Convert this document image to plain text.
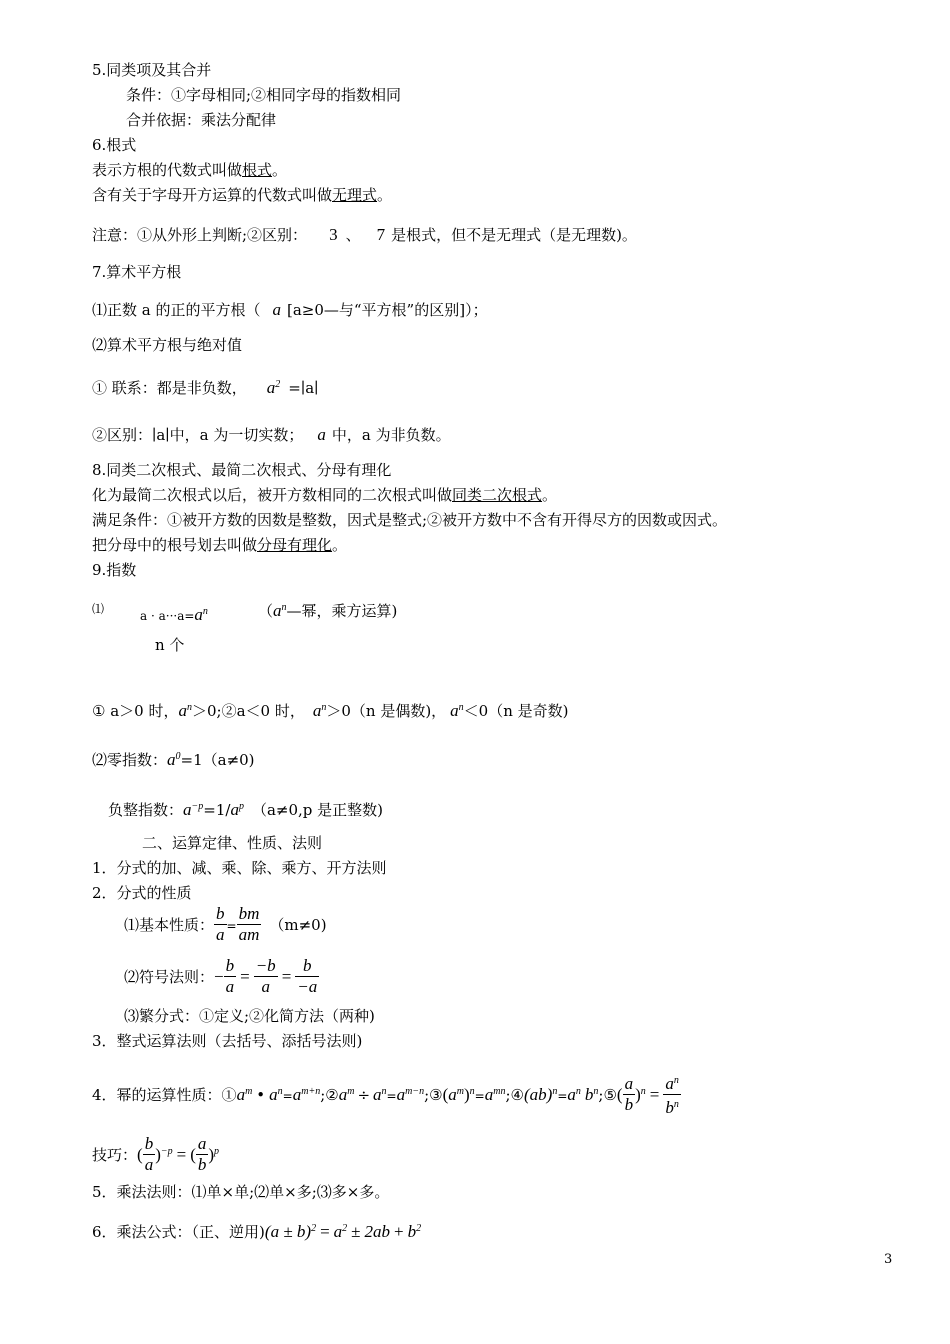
5.同类项及其合并
条件：①字母相同;②相同字母的指数相同
合并依据：乘法分配律
6.根式
表示方根的代数式叫做根式。
含有关于字母开方运算的代数式叫做无理式。
注意：①从外形上判断;②区别： 3 、 7 是根式，但不是无理式（是无理数)。
7.算术平方根
⑴正数 a 的正的平方根（ a [a≥0—与“平方根”的区别]）；
⑵算术平方根与绝对值
① 联系：都是非负数， $a^2$ =∣a∣
②区别：∣a∣中，a 为一切实数； a 中，a 为非负数。
8.同类二次根式、最简二次根式、分母有理化
化为最简二次根式以后，被开方数相同的二次根式叫做同类二次根式。
满足条件：①被开方数的因数是整数，因式是整式;②被开方数中不含有开得尽方的因数或因式。
把分母中的根号划去叫做分母有理化。
9.指数
⑴	$a \cdot a\cdot\cdot\cdot a=a^n$	（$a^n—$幂，乘方运算)
n 个
① a＞0 时，$a^n>0;②a<0$ 时， $a^n>0(n$ 是偶数)， $a^n<0(n$ 是奇数)
⑵零指数：$a^0=1(a\ne 0)$
负整指数：$a^{-p}=1/a^p$ （a≠0,p 是正整数)
二、运算定律、性质、法则
1．分式的加、减、乘、除、乘方、开方法则
2．分式的性质
⑴基本性质： $\frac{b}{a} = \frac{bm}{am} (m\ne 0)$
⑵符号法则：− $\frac{b}{a} = \frac{-b}{a} = \frac{b}{-a}$
⑶繁分式：①定义;②化简方法（两种)
3．整式运算法则（去括号、添括号法则)
4．幂的运算性质：$①a^m$ • $a^n=a^{m+n};②a^m$ ÷ $a^n=a^{m-n};③(a^m)^n=a^{mn};④(ab)^n=a^n$ $b^n;⑤( \frac{a}{b} )^n = \frac{a^n}{b^n}$
技巧：( $\frac{b}{a} )^{-p}$ = ( $\frac{a}{b} )^p$
5．乘法法则：⑴单×单;⑵单×多;⑶多×多。
6．乘法公式：（正、逆用)$(a \pm b)^2 = a^2 \pm 2ab + b^2$
3
